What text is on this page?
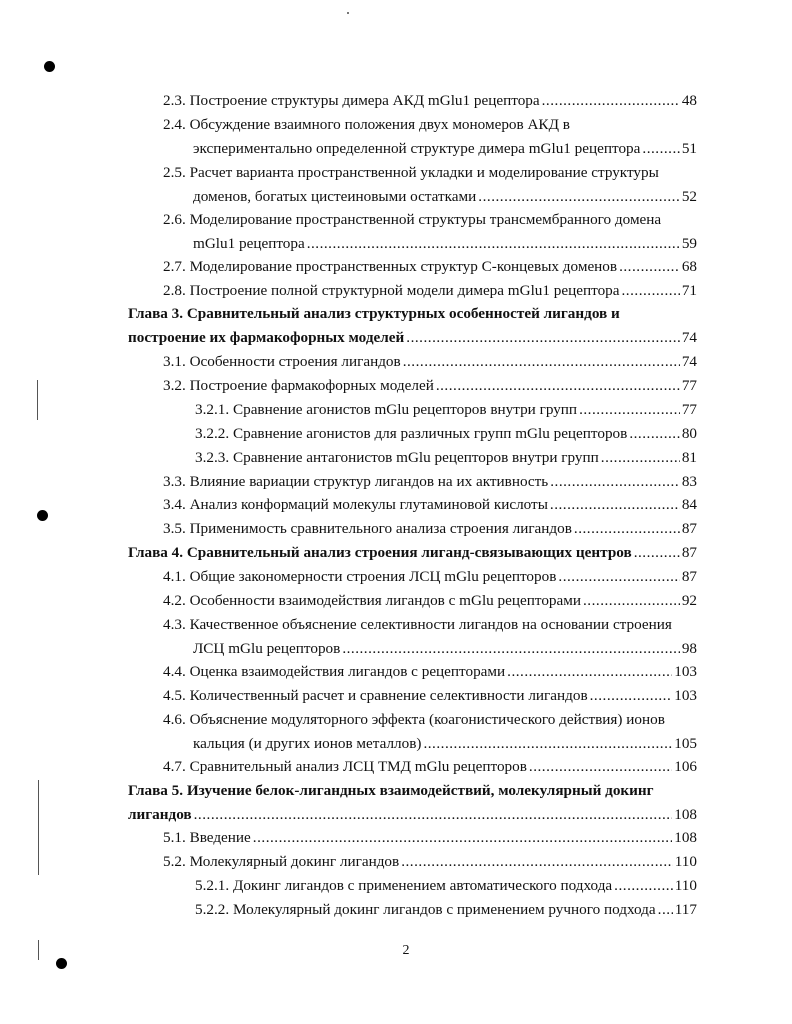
2.3.
Построение структуры димера АКД mGlu1 рецептора .....	48
2.4.
Обсуждение взаимного положения двух мономеров АКД в
экспериментально определенной структуре димера mGlu1 рецептора .....	51
2.5.
Расчет варианта пространственной укладки и моделирование структуры
доменов, богатых цистеиновыми остатками .....	52
2.6.
Моделирование пространственной структуры трансмембранного домена
mGlu1 рецептора .....	59
2.7.
Моделирование пространственных структур С-концевых доменов .....	68
2.8.
Построение полной структурной модели димера mGlu1 рецептора .....	71
Глава 3. Сравнительный анализ структурных особенностей лигандов и
построение их фармакофорных моделей .....	74
3.1.
Особенности строения лигандов .....	74
3.2.
Построение фармакофорных моделей .....	77
3.2.1.
Сравнение агонистов mGlu рецепторов внутри групп .....	77
3.2.2.
Сравнение агонистов для различных групп mGlu рецепторов .....	80
3.2.3.
Сравнение антагонистов mGlu рецепторов внутри групп .....	81
3.3.
Влияние вариации структур лигандов на их активность .....	83
3.4.
Анализ конформаций молекулы глутаминовой кислоты .....	84
3.5.
Применимость сравнительного анализа строения лигандов .....	87
Глава 4. Сравнительный анализ строения лиганд-связывающих центров .....	87
4.1.
Общие закономерности строения ЛСЦ mGlu рецепторов .....	87
4.2.
Особенности взаимодействия лигандов с mGlu рецепторами .....	92
4.3.
Качественное объяснение селективности лигандов на основании строения
ЛСЦ mGlu рецепторов .....	98
4.4.
Оценка взаимодействия лигандов с рецепторами .....	103
4.5.
Количественный расчет и сравнение селективности лигандов .....	103
4.6.
Объяснение модуляторного эффекта (коагонистического действия) ионов
кальция (и других ионов металлов) .....	105
4.7.
Сравнительный анализ ЛСЦ ТМД mGlu рецепторов .....	106
Глава 5. Изучение белок-лигандных взаимодействий, молекулярный докинг
лигандов .....	108
5.1.
Введение .....	108
5.2.
Молекулярный докинг лигандов .....	110
5.2.1.
Докинг лигандов с применением автоматического подхода .....	110
5.2.2.
Молекулярный докинг лигандов с применением ручного подхода ..... 117
2
